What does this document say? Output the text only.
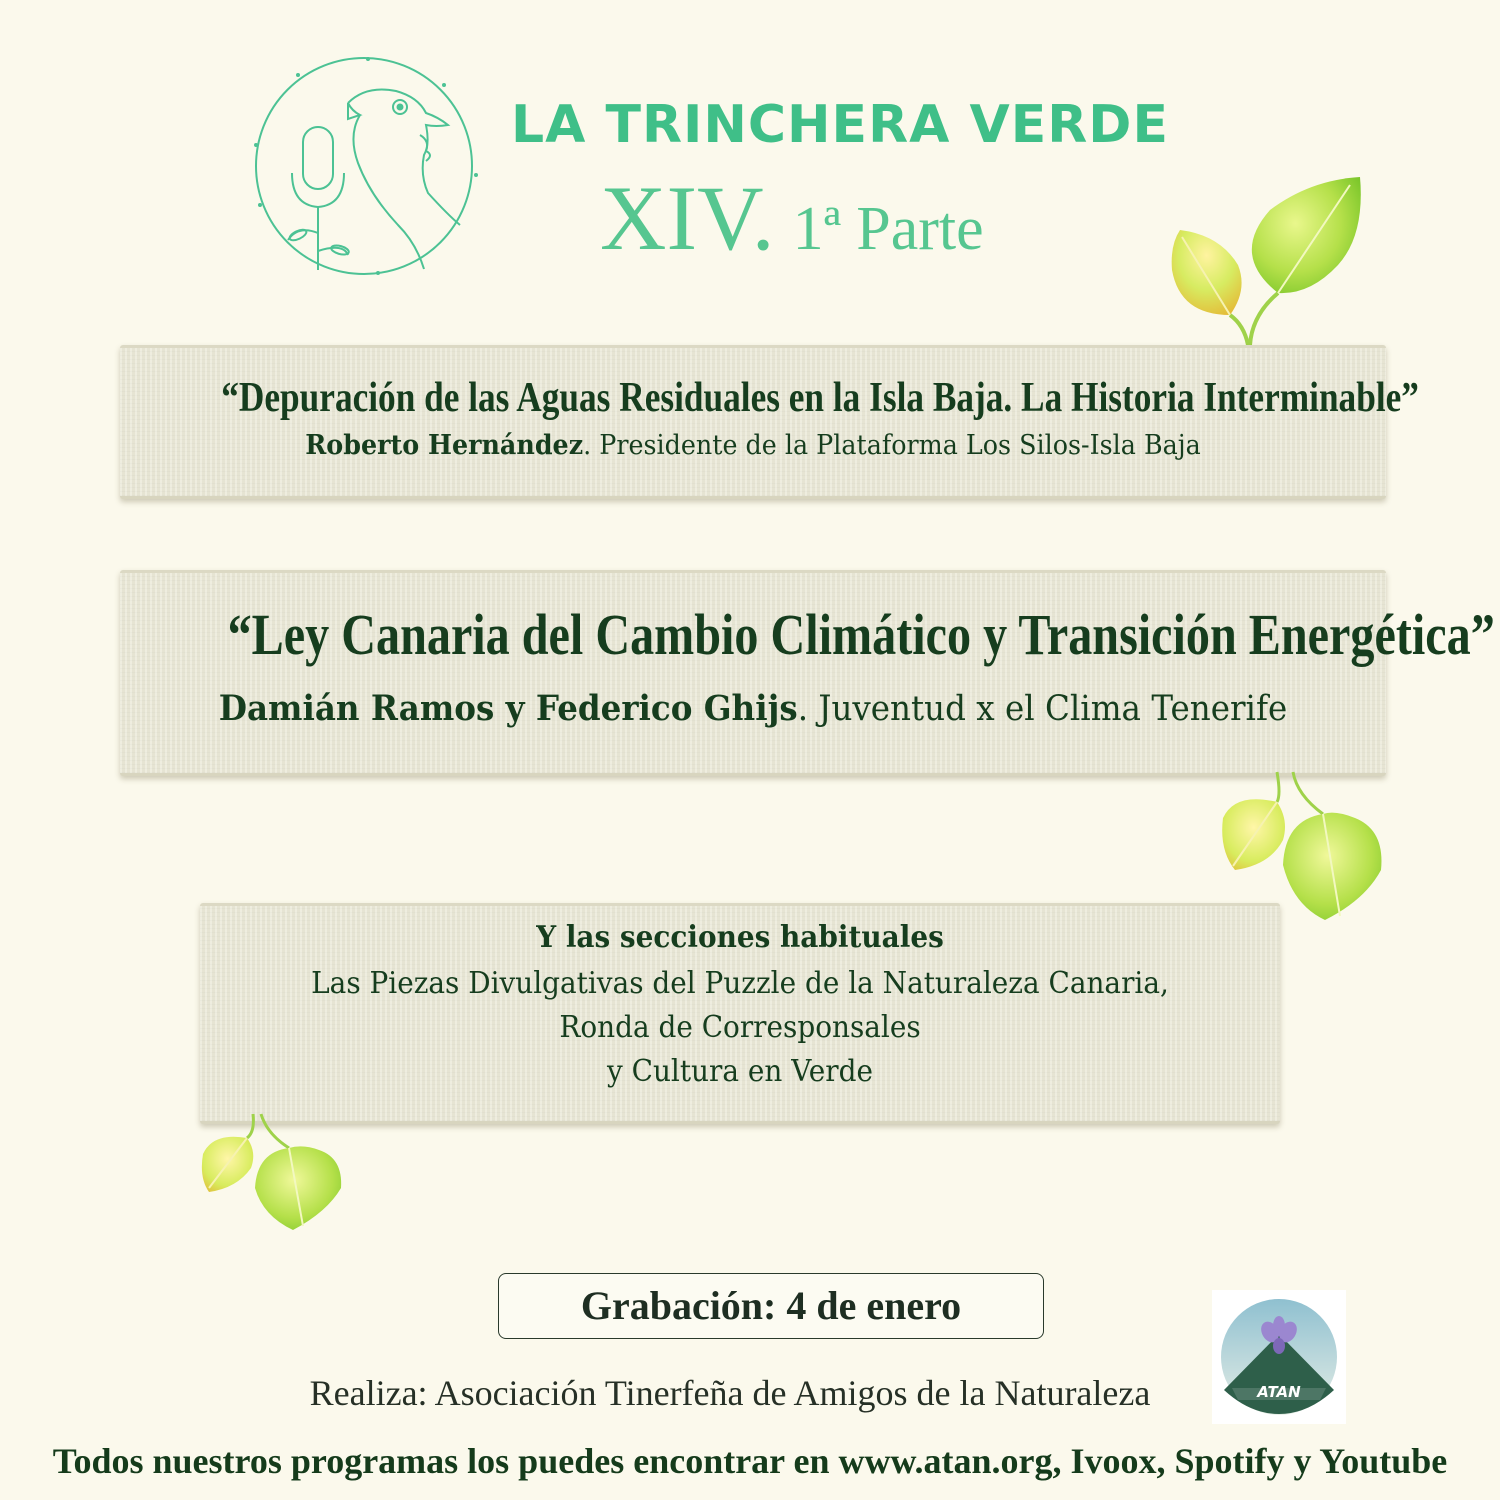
LA TRINCHERA VERDE
XIV. 1ª Parte
“Depuración de las Aguas Residuales en la Isla Baja. La Historia Interminable”
Roberto Hernández. Presidente de la Plataforma Los Silos-Isla Baja
“Ley Canaria del Cambio Climático y Transición Energética”
Damián Ramos y Federico Ghijs. Juventud x el Clima Tenerife
Y las secciones habituales
Las Piezas Divulgativas del Puzzle de la Naturaleza Canaria,
Ronda de Corresponsales
y Cultura en Verde
Grabación: 4 de enero
Realiza: Asociación Tinerfeña de Amigos de la Naturaleza	ATAN
Todos nuestros programas los puedes encontrar en www.atan.org, Ivoox, Spotify y Youtube
